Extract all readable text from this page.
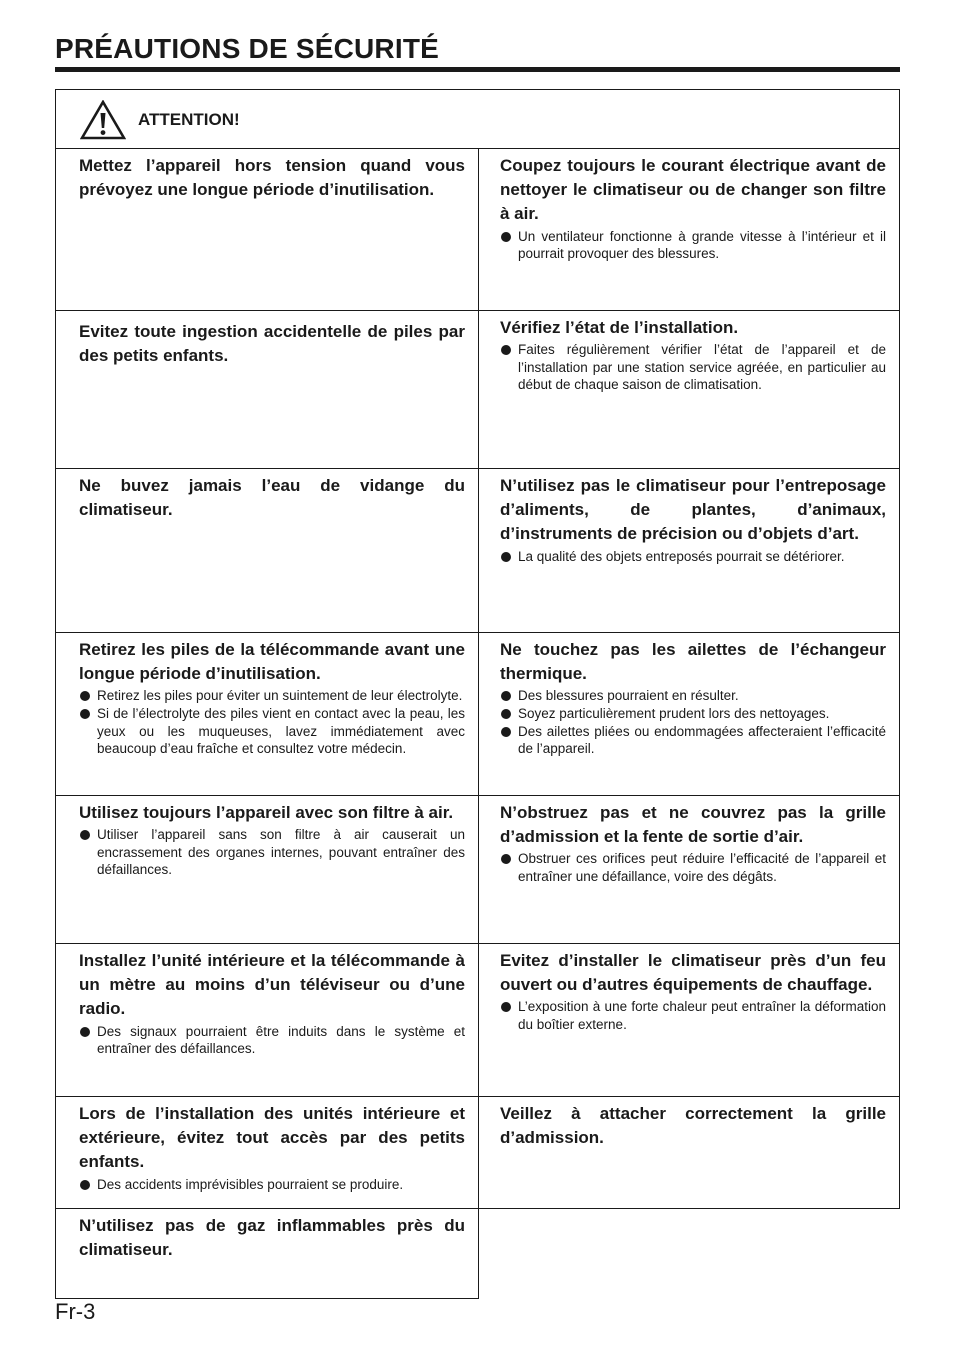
PRÉAUTIONS DE SÉCURITÉ
ATTENTION!

Mettez l’appareil hors tension quand vous prévoyez une longue période d’inutilisation.

Coupez toujours le courant électrique avant de nettoyer le climatiseur ou de changer son filtre à air.

Un ventilateur fonctionne à grande vitesse à l’intérieur et il pourrait provoquer des blessures.

Evitez toute ingestion accidentelle de piles par des petits enfants.

Vérifiez l’état de l’installation.

Faites régulièrement vérifier l’état de l’appareil et de l’installation par une station service agréée, en particulier au début de chaque saison de climatisation.

Ne buvez jamais l’eau de vidange du climatiseur.

N’utilisez pas le climatiseur pour l’entreposage d’aliments, de plantes, d’animaux, d’instruments de précision ou d’objets d’art.

La qualité des objets entreposés pourrait se détériorer.

Retirez les piles de la télécommande avant une longue période d’inutilisation.

Retirez les piles pour éviter un suintement de leur électrolyte.
Si de l’électrolyte des piles vient en contact avec la peau, les yeux ou les muqueuses, lavez immédiatement avec beaucoup d’eau fraîche et consultez votre médecin.

Ne touchez pas les ailettes de l’échangeur thermique.

Des blessures pourraient en résulter.
Soyez particulièrement prudent lors des nettoyages.
Des ailettes pliées ou endommagées affecteraient l’efficacité de l’appareil.

Utilisez toujours l’appareil avec son filtre à air.

Utiliser l’appareil sans son filtre à air causerait un encrassement des organes internes, pouvant entraîner des défaillances.

N’obstruez pas et ne couvrez pas la grille d’admission et la fente de sortie d’air.

Obstruer ces orifices peut réduire l’efficacité de l’appareil et entraîner une défaillance, voire des dégâts.

Installez l’unité intérieure et la télécommande à un mètre au moins d’un téléviseur ou d’une radio.

Des signaux pourraient être induits dans le système et entraîner des défaillances.

Evitez d’installer le climatiseur près d’un feu ouvert ou d’autres équipements de chauffage.

L’exposition à une forte chaleur peut entraîner la déformation du boîtier externe.

Lors de l’installation des unités intérieure et extérieure, évitez tout accès par des petits enfants.

Des accidents imprévisibles pourraient se produire.

Veillez à attacher correctement la grille d’admission.

N’utilisez pas de gaz inflammables près du climatiseur.

Fr-3
